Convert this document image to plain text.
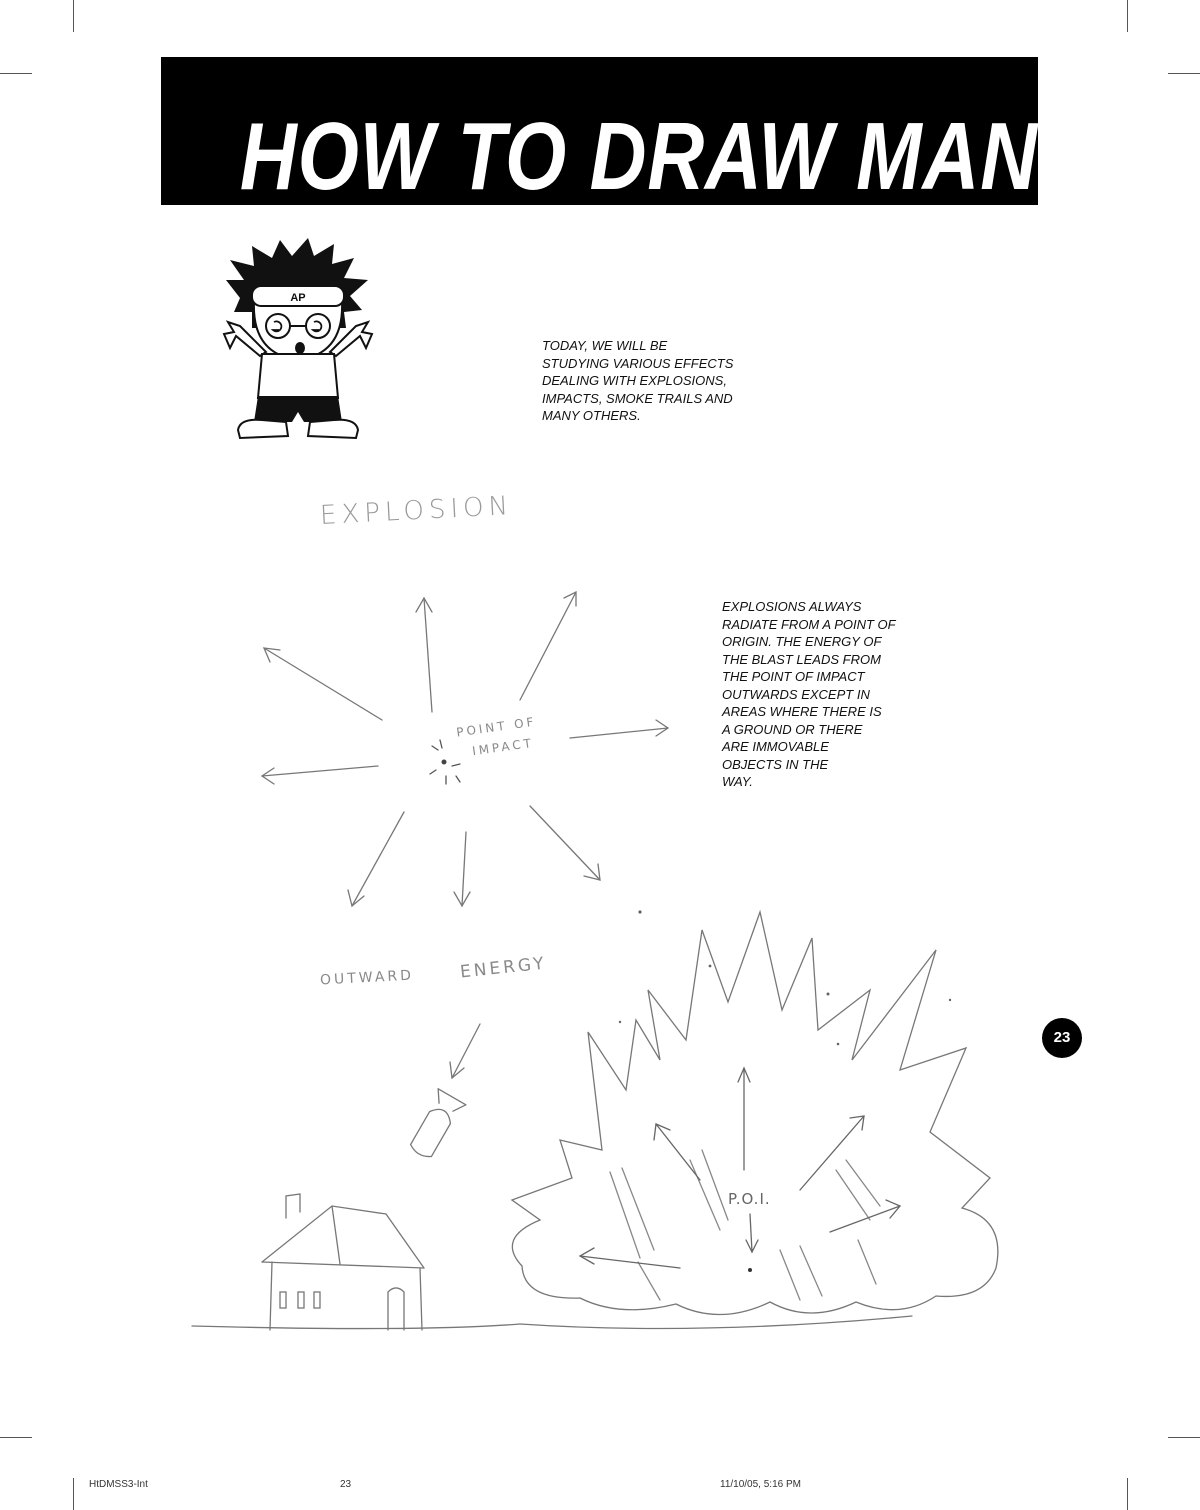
HOW TO DRAW MANGA!
AP
TODAY, WE WILL BE
STUDYING VARIOUS EFFECTS
DEALING WITH EXPLOSIONS,
IMPACTS, SMOKE TRAILS AND
MANY OTHERS.
EXPLOSIONS ALWAYS
RADIATE FROM A POINT OF
ORIGIN. THE ENERGY OF
THE BLAST LEADS FROM
THE POINT OF IMPACT
OUTWARDS EXCEPT IN
AREAS WHERE THERE IS
A GROUND OR THERE
ARE IMMOVABLE
OBJECTS IN THE
WAY.
EXPLOSION
POINT OF
IMPACT
OUTWARD	ENERGY
P.O.I.
23
HtDMSS3-Int	23	11/10/05, 5:16 PM
